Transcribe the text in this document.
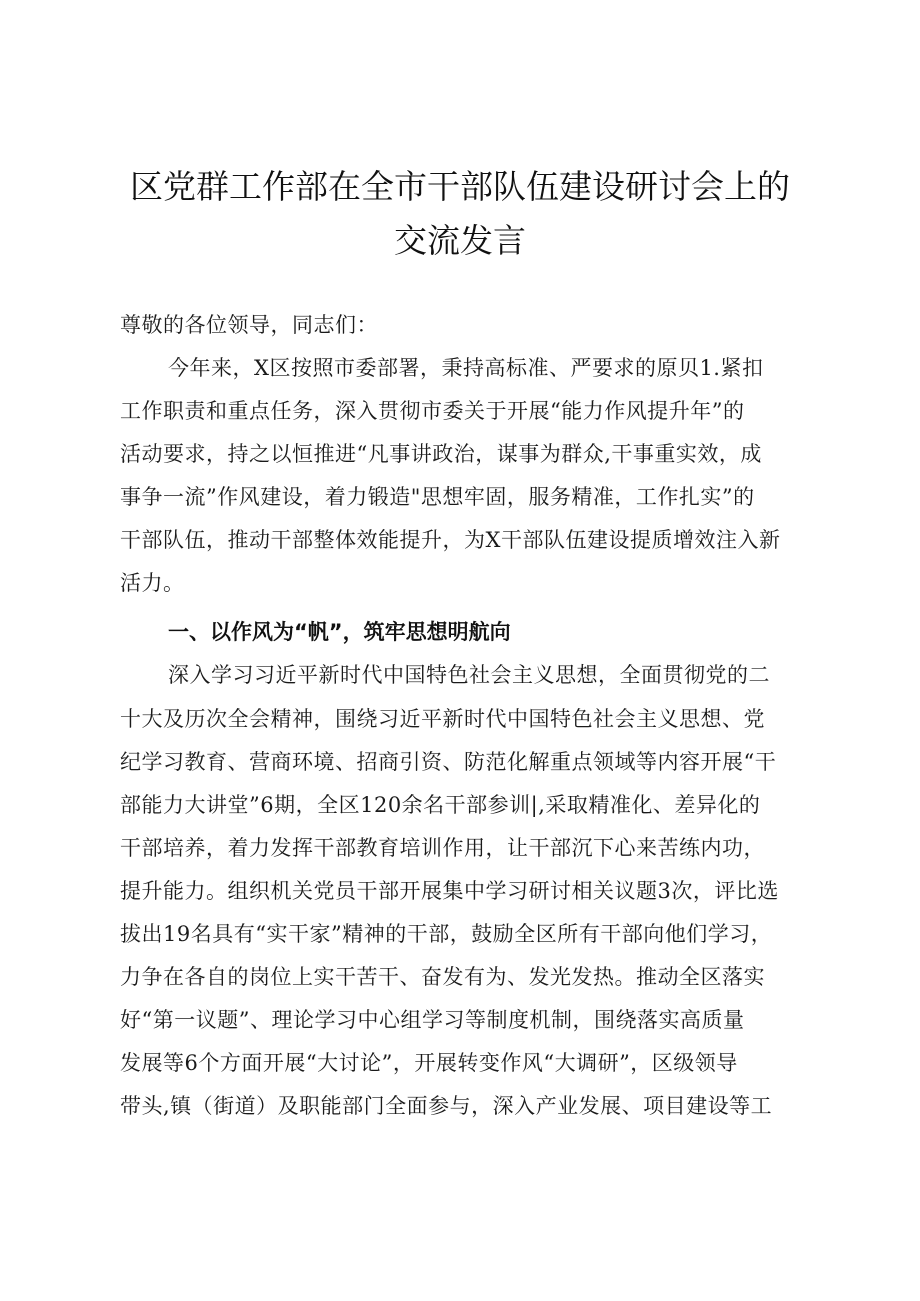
区党群工作部在全市干部队伍建设研讨会上的
交流发言

尊敬的各位领导，同志们：

今年来，X区按照市委部署，秉持高标准、严要求的原贝1.紧扣

工作职责和重点任务，深入贯彻市委关于开展“能力作风提升年”的

活动要求，持之以恒推进“凡事讲政治，谋事为群众,干事重实效，成

事争一流”作风建设，着力锻造"思想牢固，服务精准，工作扎实”的

干部队伍，推动干部整体效能提升，为X干部队伍建设提质增效注入新

活力。

一、以作风为“帆”，筑牢思想明航向

深入学习习近平新时代中国特色社会主义思想，全面贯彻党的二

十大及历次全会精神，围绕习近平新时代中国特色社会主义思想、党

纪学习教育、营商环境、招商引资、防范化解重点领域等内容开展“干

部能力大讲堂”6期，全区120余名干部参训|,采取精准化、差异化的

干部培养，着力发挥干部教育培训作用，让干部沉下心来苦练内功，

提升能力。组织机关党员干部开展集中学习研讨相关议题3次，评比选

拔出19名具有“实干家”精神的干部，鼓励全区所有干部向他们学习，

力争在各自的岗位上实干苦干、奋发有为、发光发热。推动全区落实

好“第一议题”、理论学习中心组学习等制度机制，围绕落实高质量

发展等6个方面开展“大讨论”，开展转变作风“大调研”，区级领导

带头,镇（街道）及职能部门全面参与，深入产业发展、项目建设等工
